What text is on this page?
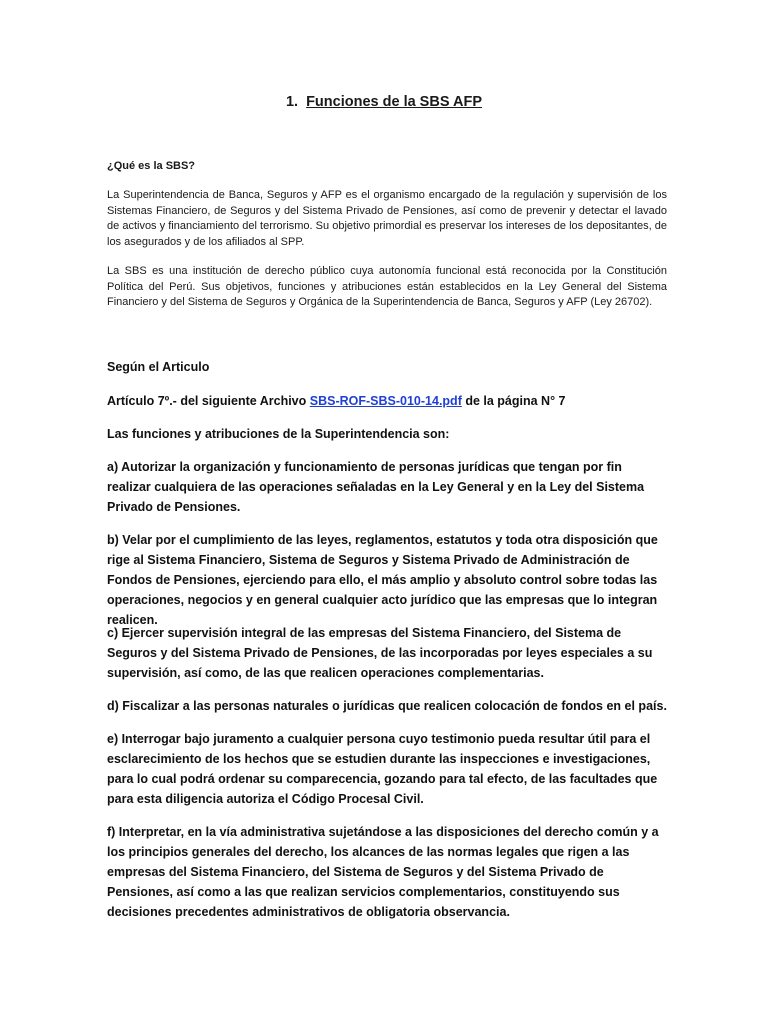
1. Funciones de la SBS AFP
¿Qué es la SBS?

La Superintendencia de Banca, Seguros y AFP es el organismo encargado de la regulación y supervisión de los Sistemas Financiero, de Seguros y del Sistema Privado de Pensiones, así como de prevenir y detectar el lavado de activos y financiamiento del terrorismo. Su objetivo primordial es preservar los intereses de los depositantes, de los asegurados y de los afiliados al SPP.

La SBS es una institución de derecho público cuya autonomía funcional está reconocida por la Constitución Política del Perú. Sus objetivos, funciones y atribuciones están establecidos en la Ley General del Sistema Financiero y del Sistema de Seguros y Orgánica de la Superintendencia de Banca, Seguros y AFP (Ley 26702).

Según el Articulo

Artículo 7º.- del siguiente Archivo SBS-ROF-SBS-010-14.pdf de la página N° 7

Las funciones y atribuciones de la Superintendencia son:

a) Autorizar la organización y funcionamiento de personas jurídicas que tengan por fin realizar cualquiera de las operaciones señaladas en la Ley General y en la Ley del Sistema Privado de Pensiones.

b) Velar por el cumplimiento de las leyes, reglamentos, estatutos y toda otra disposición que rige al Sistema Financiero, Sistema de Seguros y Sistema Privado de Administración de Fondos de Pensiones, ejerciendo para ello, el más amplio y absoluto control sobre todas las operaciones, negocios y en general cualquier acto jurídico que las empresas que lo integran realicen.

c) Ejercer supervisión integral de las empresas del Sistema Financiero, del Sistema de Seguros y del Sistema Privado de Pensiones, de las incorporadas por leyes especiales a su supervisión, así como, de las que realicen operaciones complementarias.

d) Fiscalizar a las personas naturales o jurídicas que realicen colocación de fondos en el país.

e) Interrogar bajo juramento a cualquier persona cuyo testimonio pueda resultar útil para el esclarecimiento de los hechos que se estudien durante las inspecciones e investigaciones, para lo cual podrá ordenar su comparecencia, gozando para tal efecto, de las facultades que para esta diligencia autoriza el Código Procesal Civil.

f) Interpretar, en la vía administrativa sujetándose a las disposiciones del derecho común y a los principios generales del derecho, los alcances de las normas legales que rigen a las empresas del Sistema Financiero, del Sistema de Seguros y del Sistema Privado de Pensiones, así como a las que realizan servicios complementarios, constituyendo sus decisiones precedentes administrativos de obligatoria observancia.
